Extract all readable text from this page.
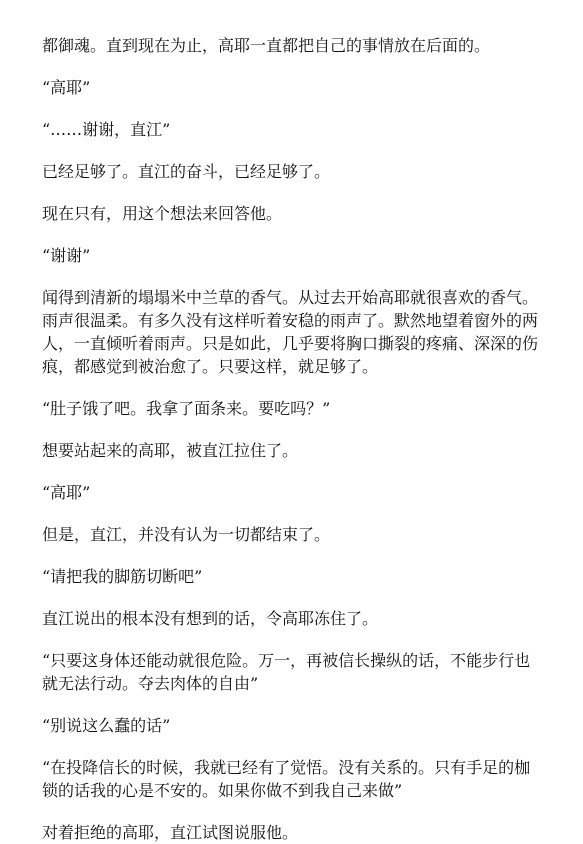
都御魂。直到现在为止，高耶一直都把自己的事情放在后面的。

“高耶”

“……谢谢，直江”

已经足够了。直江的奋斗，已经足够了。

现在只有，用这个想法来回答他。

“谢谢”

闻得到清新的塌塌米中兰草的香气。从过去开始高耶就很喜欢的香气。雨声很温柔。有多久没有这样听着安稳的雨声了。默然地望着窗外的两人，一直倾听着雨声。只是如此，几乎要将胸口撕裂的疼痛、深深的伤痕，都感觉到被治愈了。只要这样，就足够了。

“肚子饿了吧。我拿了面条来。要吃吗？”

想要站起来的高耶，被直江拉住了。

“高耶”

但是，直江，并没有认为一切都结束了。

“请把我的脚筋切断吧”

直江说出的根本没有想到的话，令高耶冻住了。

“只要这身体还能动就很危险。万一，再被信长操纵的话，不能步行也就无法行动。夺去肉体的自由”

“别说这么蠢的话”

“在投降信长的时候，我就已经有了觉悟。没有关系的。只有手足的枷锁的话我的心是不安的。如果你做不到我自己来做”

对着拒绝的高耶，直江试图说服他。
